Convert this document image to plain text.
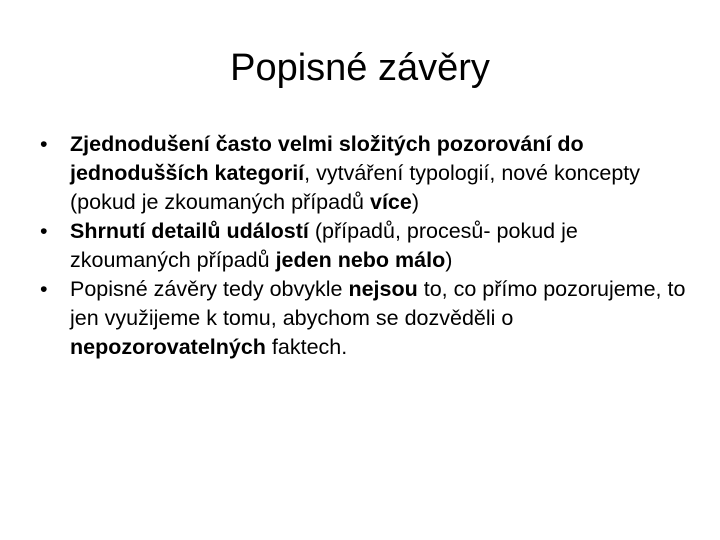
Popisné závěry
•	Zjednodušení často velmi složitých pozorování do jednodušších kategorií, vytváření typologií, nové koncepty (pokud je zkoumaných případů více)
•	Shrnutí detailů událostí (případů, procesů- pokud je zkoumaných případů jeden nebo málo)
•	Popisné závěry tedy obvykle nejsou to, co přímo pozorujeme, to jen využijeme k tomu, abychom se dozvěděli o nepozorovatelných faktech.
